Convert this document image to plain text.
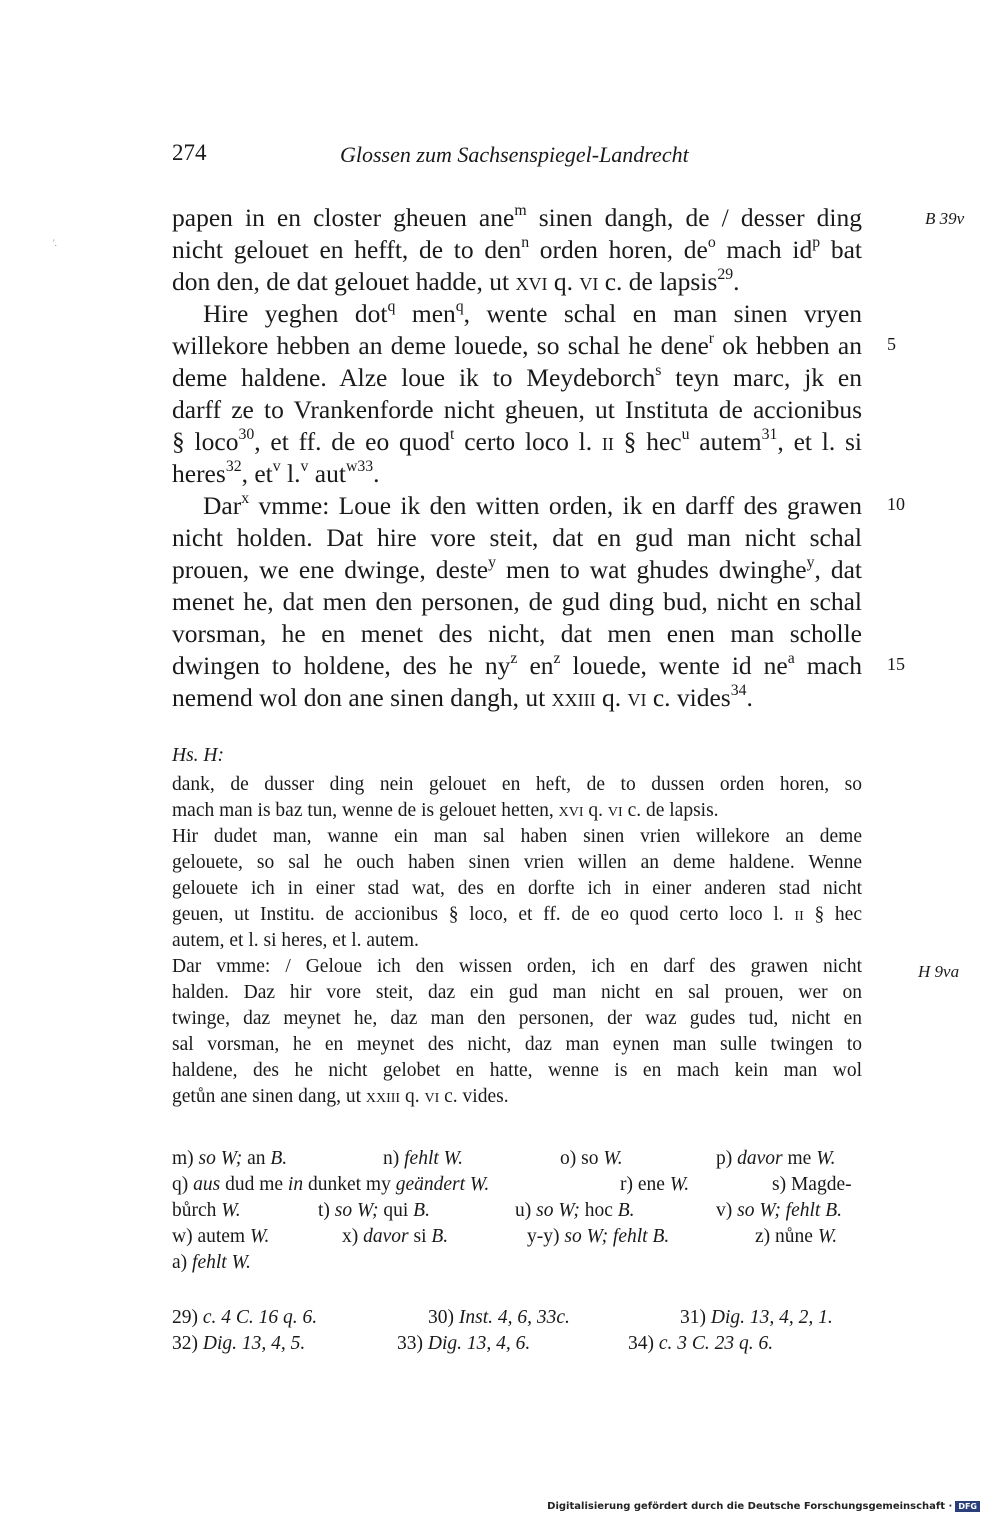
274	Glossen zum Sachsenspiegel-Landrecht
'.
B 39v
H 9va
5
10
15
papen in en closter gheuen ane$^m$ sinen dangh, de / desser ding
nicht gelouet en hefft, de to den$^n$ orden horen, $de^o$ mach $id^p$ bat
don den, de dat gelouet hadde, ut xvi q. vi c. de lapsis$^{29}$.
Hire yeghen dot$^q$ men$^q$, wente schal en man sinen vryen
willekore hebben an deme louede, so schal he dene$^r$ ok hebben an
deme haldene. Alze loue ik to Meydeborch$^s$ teyn marc, jk en
darff ze to Vrankenforde nicht gheuen, ut Instituta de accionibus
§ loco$^{30}$, et ff. de eo quod$^t$ certo loco l. ii § hec$^u$ autem$^{31}$, et l. si
heres$^{32}$, $et^v$ l.$^v$ aut$^{w33}$.
Dar$^x$ vmme: Loue ik den witten orden, ik en darff des grawen
nicht holden. Dat hire vore steit, dat en gud man nicht schal
prouen, we ene dwinge, deste$^y$ men to wat ghudes dwinghe$^y$, dat
menet he, dat men den personen, de gud ding bud, nicht en schal
vorsman, he en menet des nicht, dat men enen man scholle
dwingen to holdene, des he $ny^z$ $en^z$ louede, wente id $ne^a$ mach
nemend wol don ane sinen dangh, ut xxiii q. vi c. vides$^{34}$.
Hs. H:
dank, de dusser ding nein gelouet en heft, de to dussen orden horen, so
mach man is baz tun, wenne de is gelouet hetten, xvi q. vi c. de lapsis.
Hir dudet man, wanne ein man sal haben sinen vrien willekore an deme
gelouete, so sal he ouch haben sinen vrien willen an deme haldene. Wenne
gelouete ich in einer stad wat, des en dorfte ich in einer anderen stad nicht
geuen, ut Institu. de accionibus § loco, et ff. de eo quod certo loco l. ii § hec
autem, et l. si heres, et l. autem.
Dar vmme: / Geloue ich den wissen orden, ich en darf des grawen nicht
halden. Daz hir vore steit, daz ein gud man nicht en sal prouen, wer on
twinge, daz meynet he, daz man den personen, der waz gudes tud, nicht en
sal vorsman, he en meynet des nicht, daz man eynen man sulle twingen to
haldene, des he nicht gelobet en hatte, wenne is en mach kein man wol
getůn ane sinen dang, ut xxiii q. vi c. vides.
m) so W; an B.	n) fehlt W.	o) so W.	p) davor me W.
q) aus dud me in dunket my geändert W.	r) ene W.	s) Magde-
bůrch W.	t) so W; qui B.	u) so W; hoc B.	v) so W; fehlt B.
w) autem W.	x) davor si B.	y-y) so W; fehlt B.	z) nůne W.
a) fehlt W.
29) c. 4 C. 16 q. 6.	30) Inst. 4, 6, 33c.	31) Dig. 13, 4, 2, 1.
32) Dig. 13, 4, 5.	33) Dig. 13, 4, 6.	34) c. 3 C. 23 q. 6.
Digitalisierung gefördert durch die Deutsche Forschungsgemeinschaft · DFG
